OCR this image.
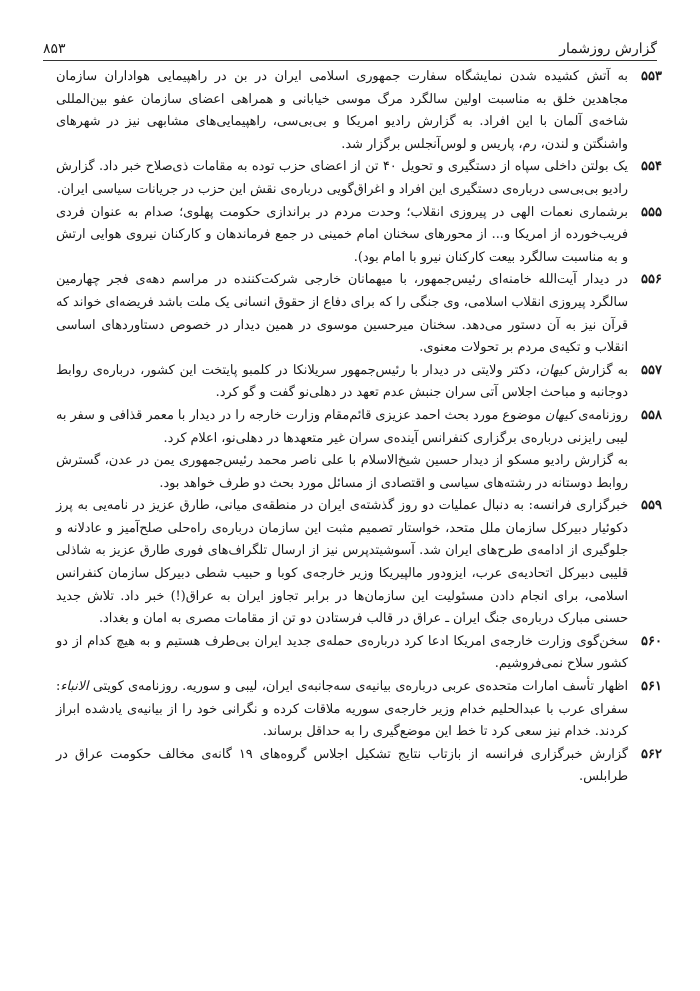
گزارش روزشمار
۸۵۳
۵۵۳
به آتش کشیده شدن نمایشگاه سفارت جمهوری اسلامی ایران در بن در راهپیمایی هواداران سازمان مجاهدین خلق به مناسبت اولین سالگرد مرگ موسی خیابانی و همراهی اعضای سازمان عفو بین‌المللی شاخه‌ی آلمان با این افراد. به گزارش رادیو امریکا و بی‌بی‌سی، راهپیمایی‌های مشابهی نیز در شهرهای واشنگتن و لندن، رم، پاریس و لوس‌آنجلس برگزار شد.
۵۵۴
یک بولتن داخلی سپاه از دستگیری و تحویل ۴۰ تن از اعضای حزب توده به مقامات ذی‌صلاح خبر داد. گزارش رادیو بی‌بی‌سی درباره‌ی دستگیری این افراد و اغراق‌گویی درباره‌ی نقش این حزب در جریانات سیاسی ایران.
۵۵۵
برشماری نعمات الهی در پیروزی انقلاب؛ وحدت مردم در براندازی حکومت پهلوی؛ صدام به عنوان فردی فریب‌خورده از امریکا و... از محورهای سخنان امام خمینی در جمع فرماندهان و کارکنان نیروی هوایی ارتش و به مناسبت سالگرد بیعت کارکنان نیرو با امام بود).
۵۵۶
در دیدار آیت‌الله خامنه‌ای رئیس‌جمهور، با میهمانان خارجی شرکت‌کننده در مراسم دهه‌ی فجر چهارمین سالگرد پیروزی انقلاب اسلامی، وی جنگی را که برای دفاع از حقوق انسانی یک ملت باشد فریضه‌ای خواند که قرآن نیز به آن دستور می‌دهد. سخنان میرحسین موسوی در همین دیدار در خصوص دستاوردهای اساسی انقلاب و تکیه‌ی مردم بر تحولات معنوی.
۵۵۷
به گزارش کیهان، دکتر ولایتی در دیدار با رئیس‌جمهور سریلانکا در کلمبو پایتخت این کشور، درباره‌ی روابط دوجانبه و مباحث اجلاس آتی سران جنبش عدم تعهد در دهلی‌نو گفت و گو کرد.
۵۵۸
روزنامه‌ی کیهان موضوع مورد بحث احمد عزیزی قائم‌مقام وزارت خارجه را در دیدار با معمر قذافی و سفر به لیبی رایزنی درباره‌ی برگزاری کنفرانس آینده‌ی سران غیر متعهدها در دهلی‌نو، اعلام کرد.
به گزارش رادیو مسکو از دیدار حسین شیخ‌الاسلام با علی ناصر محمد رئیس‌جمهوری یمن در عدن، گسترش روابط دوستانه در رشته‌های سیاسی و اقتصادی از مسائل مورد بحث دو طرف خواهد بود.
۵۵۹
خبرگزاری فرانسه: به دنبال عملیات دو روز گذشته‌ی ایران در منطقه‌ی میانی، طارق عزیز در نامه‌یی به پرز دکوئیار دبیرکل سازمان ملل متحد، خواستار تصمیم مثبت این سازمان درباره‌ی راه‌حلی صلح‌آمیز و عادلانه و جلوگیری از ادامه‌ی طرح‌های ایران شد. آسوشیتدپرس نیز از ارسال تلگراف‌های فوری طارق عزیز به شاذلی قلیبی دبیرکل اتحادیه‌ی عرب، ایزودور مالپیریکا وزیر خارجه‌ی کوبا و حبیب شطی دبیرکل سازمان کنفرانس اسلامی، برای انجام دادن مسئولیت این سازمان‌ها در برابر تجاوز ایران به عراق(!) خبر داد. تلاش جدید حسنی مبارک درباره‌ی جنگ ایران ـ عراق در قالب فرستادن دو تن از مقامات مصری به امان و بغداد.
۵۶۰
سخن‌گوی وزارت خارجه‌ی امریکا ادعا کرد درباره‌ی حمله‌ی جدید ایران بی‌طرف هستیم و به هیچ کدام از دو کشور سلاح نمی‌فروشیم.
۵۶۱
اظهار تأسف امارات متحده‌ی عربی درباره‌ی بیانیه‌ی سه‌جانبه‌ی ایران، لیبی و سوریه. روزنامه‌ی کویتی الانباء: سفرای عرب با عبدالحلیم خدام وزیر خارجه‌ی سوریه ملاقات کرده و نگرانی خود را از بیانیه‌ی یادشده ابراز کردند. خدام نیز سعی کرد تا خط این موضع‌گیری را به حداقل برساند.
۵۶۲
گزارش خبرگزاری فرانسه از بازتاب نتایج تشکیل اجلاس گروه‌های ۱۹ گانه‌ی مخالف حکومت عراق در طرابلس.
